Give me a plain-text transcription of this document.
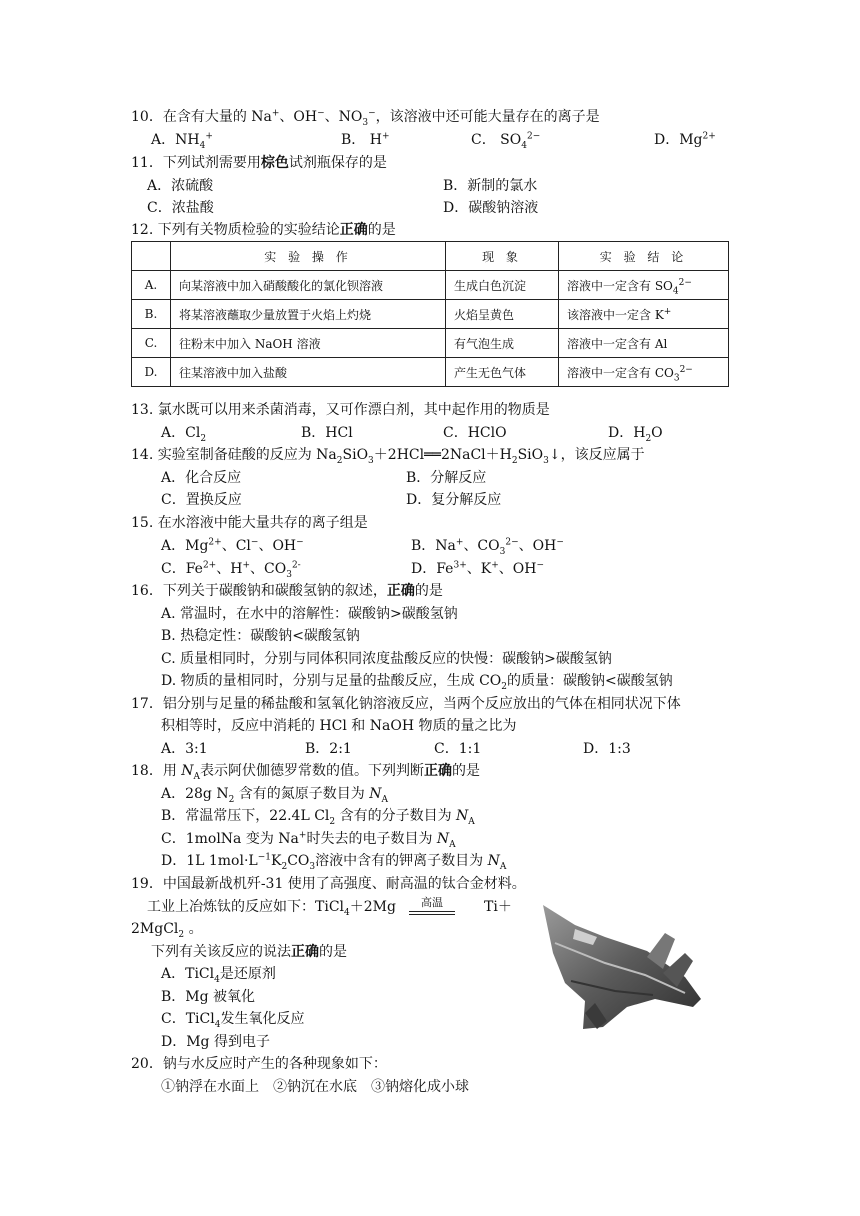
10．在含有大量的 Na+、OH−、$NO_3^-$，该溶液中还可能大量存在的离子是
A．$NH_4^+$	B． H+	C． $SO_4^{2-}$	D．$Mg^{2+}$
11．下列试剂需要用棕色试剂瓶保存的是
A．浓硫酸	B．新制的氯水
C．浓盐酸	D．碳酸钠溶液
12. 下列有关物质检验的实验结论正确的是
	实 验 操 作	现 象	实 验 结 论
A.	向某溶液中加入硝酸酸化的氯化钡溶液	生成白色沉淀	溶液中一定含有 $SO_4^{2-}$
B.	将某溶液蘸取少量放置于火焰上灼烧	火焰呈黄色	该溶液中一定含 K+
C.	往粉末中加入 NaOH 溶液	有气泡生成	溶液中一定含有 Al
D.	往某溶液中加入盐酸	产生无色气体	溶液中一定含有 $CO_3^{2-}$
13. 氯水既可以用来杀菌消毒，又可作漂白剂，其中起作用的物质是
A．$Cl_2$	B．HCl	C．HClO	D．$H_2O$
14. 实验室制备硅酸的反应为 $Na_2SiO_3+2HCl══2NaCl+H_2SiO_3↓$，该反应属于
A．化合反应	B．分解反应
C．置换反应	D．复分解反应
15. 在水溶液中能大量共存的离子组是
A．$Mg^{2+}$、Cl−、OH−	B．Na+、$CO_3^{2-}$、OH−
C．$Fe^{2+}$、H+、$CO_3^{2-}$	D．$Fe^{3+}$、K+、OH−
16．下列关于碳酸钠和碳酸氢钠的叙述，正确的是
A. 常温时，在水中的溶解性：碳酸钠>碳酸氢钠
B. 热稳定性：碳酸钠<碳酸氢钠
C. 质量相同时，分别与同体积同浓度盐酸反应的快慢：碳酸钠>碳酸氢钠
D. 物质的量相同时，分别与足量的盐酸反应，生成 $CO_2$的质量：碳酸钠<碳酸氢钠
17．铝分别与足量的稀盐酸和氢氧化钠溶液反应，当两个反应放出的气体在相同状况下体
积相等时，反应中消耗的 HCl 和 NaOH 物质的量之比为
A．3:1	B．2:1	C．1:1	D．1:3
18．用 $N_A$表示阿伏伽德罗常数的值。下列判断正确的是
A．28g $N_2$ 含有的氮原子数目为 $N_A$
B．常温常压下，22.4L $Cl_2$ 含有的分子数目为 $N_A$
C．1molNa 变为 Na+时失去的电子数目为 $N_A$
D．1L $1mol\cdot L^{-1}K_2CO_3$溶液中含有的钾离子数目为 $N_A$
19．中国最新战机歼-31 使用了高强度、耐高温的钛合金材料。
工业上冶炼钛的反应如下：TiCl$_4$＋2Mg	高温	Ti＋
2MgCl$_2$ 。
下列有关该反应的说法正确的是
A．TiCl$_4$是还原剂
B．Mg 被氧化
C．TiCl$_4$发生氧化反应
D．Mg 得到电子
20．钠与水反应时产生的各种现象如下：
①钠浮在水面上　②钠沉在水底　③钠熔化成小球
